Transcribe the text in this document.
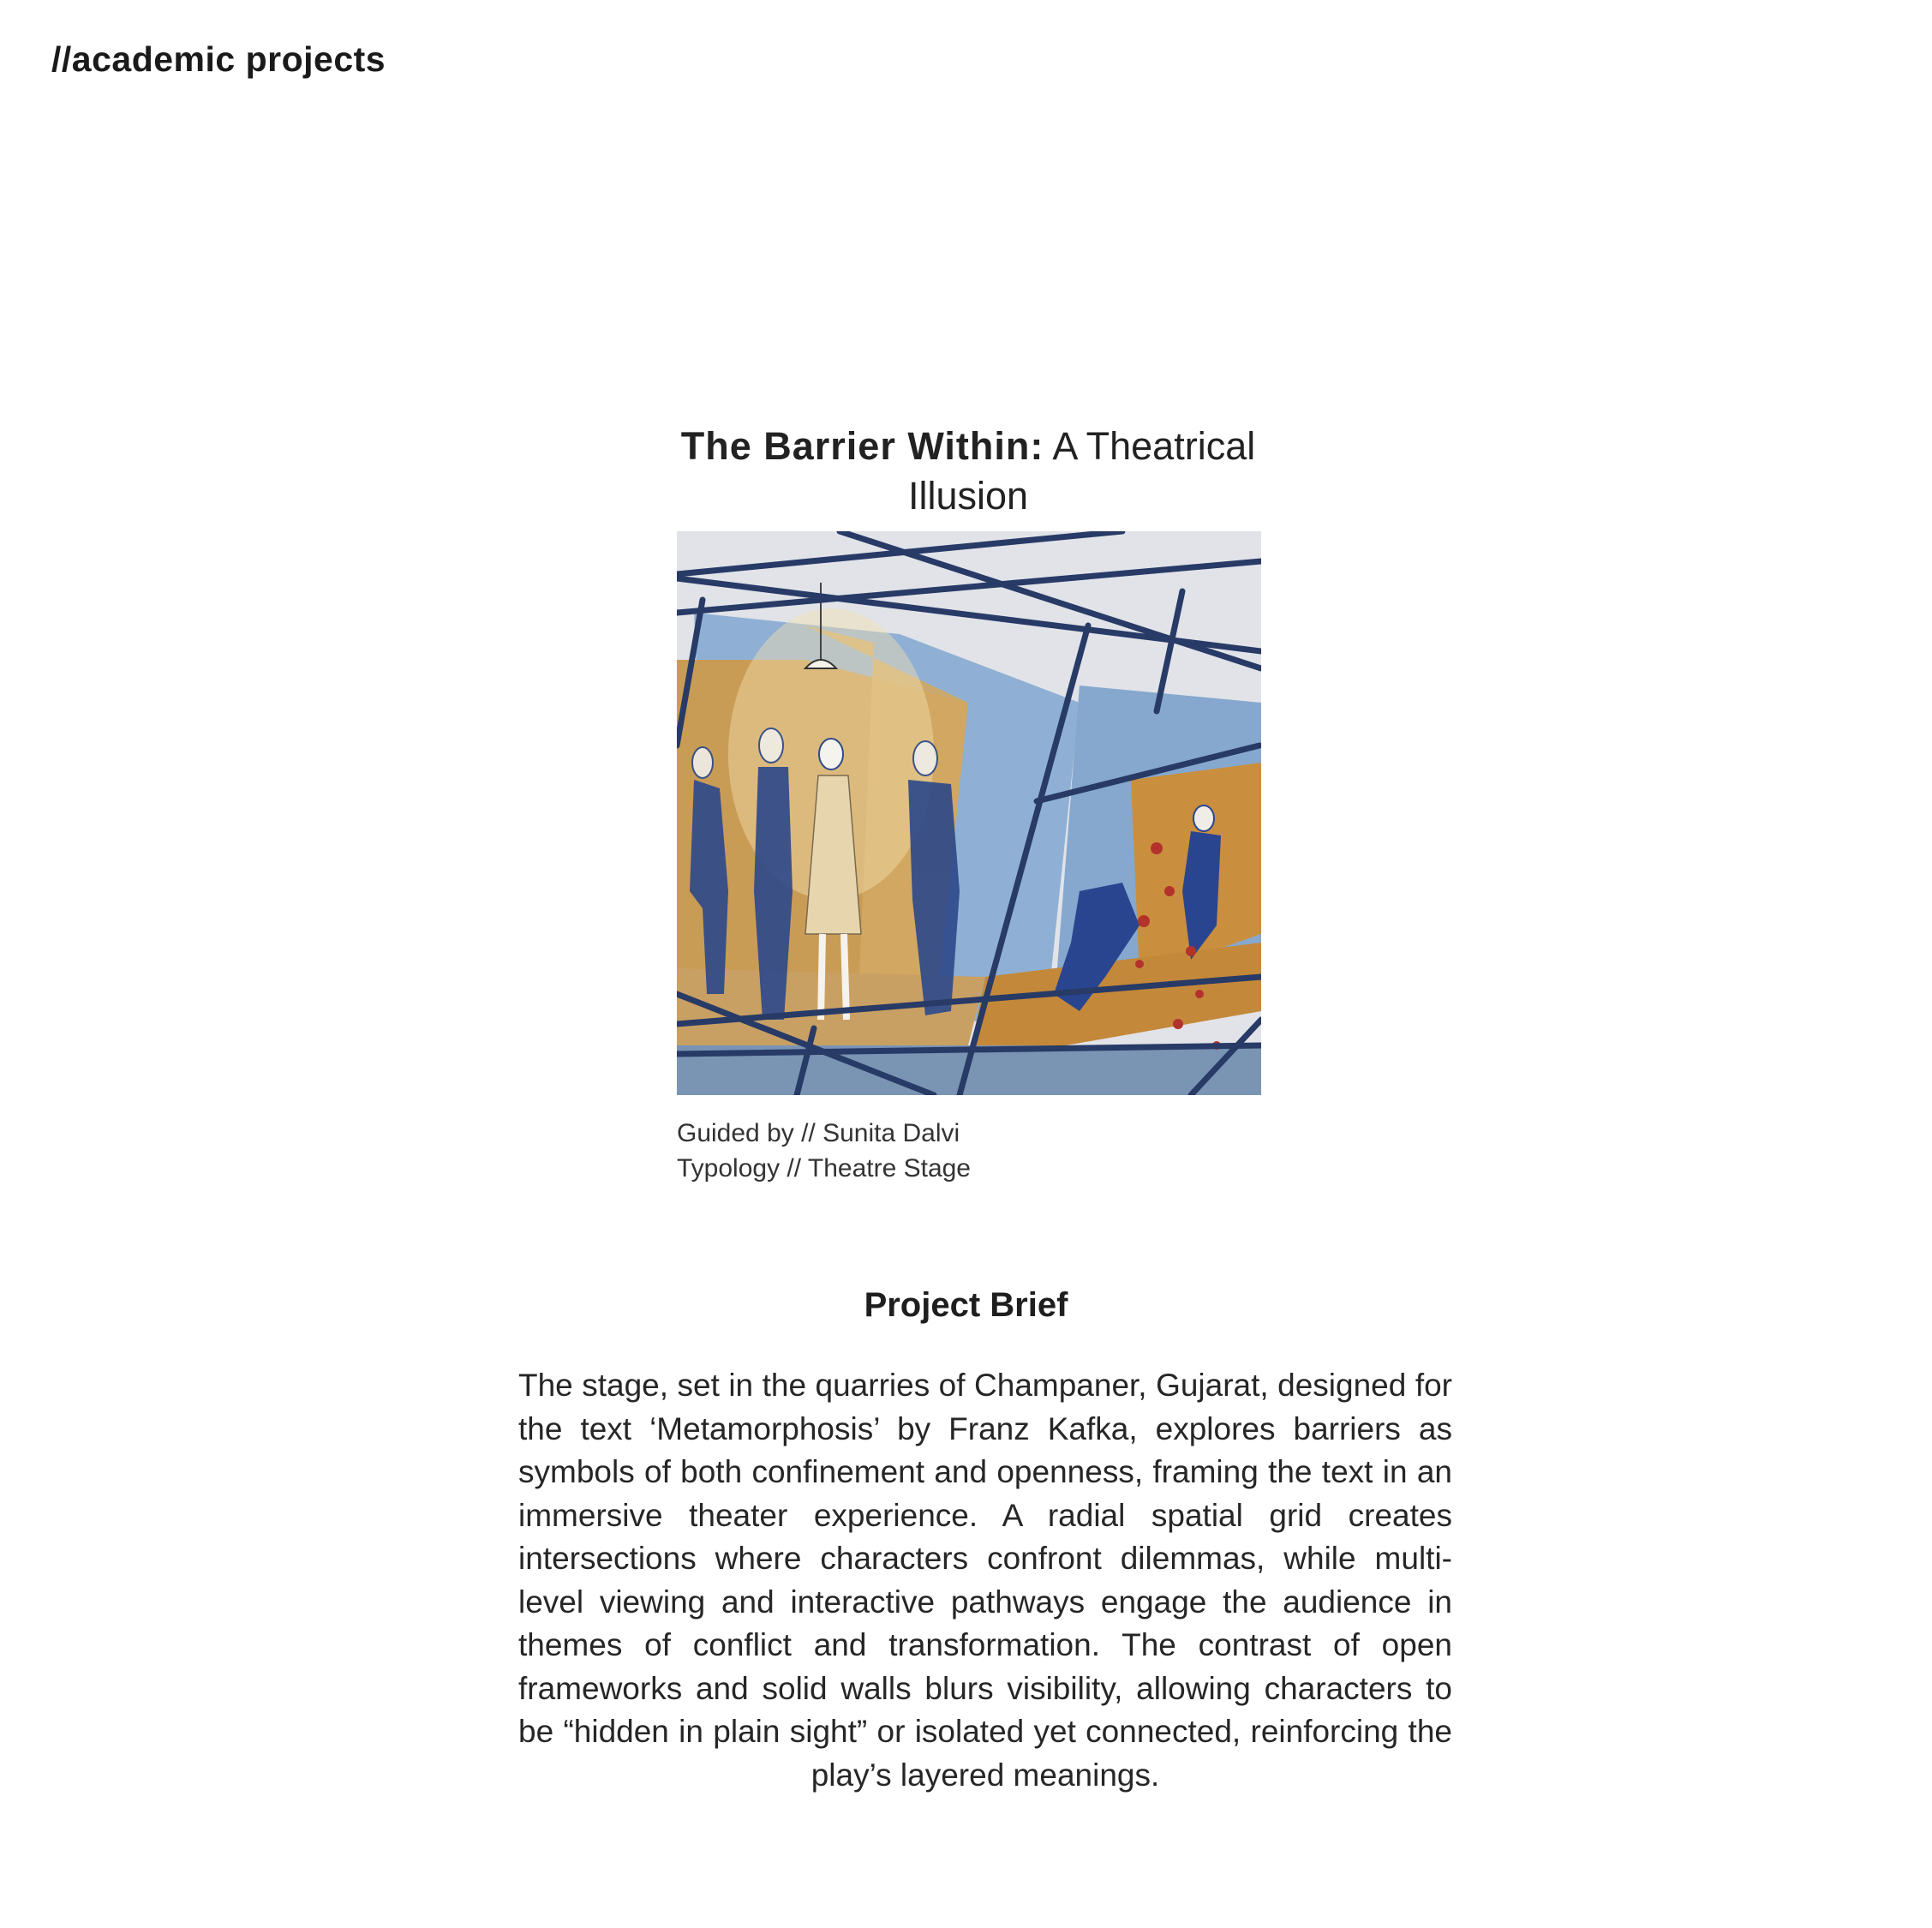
//academic projects
The Barrier Within: A Theatrical Illusion
Guided by // Sunita Dalvi
Typology // Theatre Stage
Project Brief
The stage, set in the quarries of Champaner, Gujarat, designed for the text ‘Metamorphosis’ by Franz Kafka, explores barriers as symbols of both confinement and openness, framing the text in an immersive theater experience. A radial spatial grid creates intersections where characters confront dilemmas, while multi-level viewing and interactive pathways engage the audience in themes of conflict and transformation. The contrast of open frameworks and solid walls blurs visibility, allowing characters to be “hidden in plain sight” or isolated yet connected, reinforcing the play’s layered meanings.
